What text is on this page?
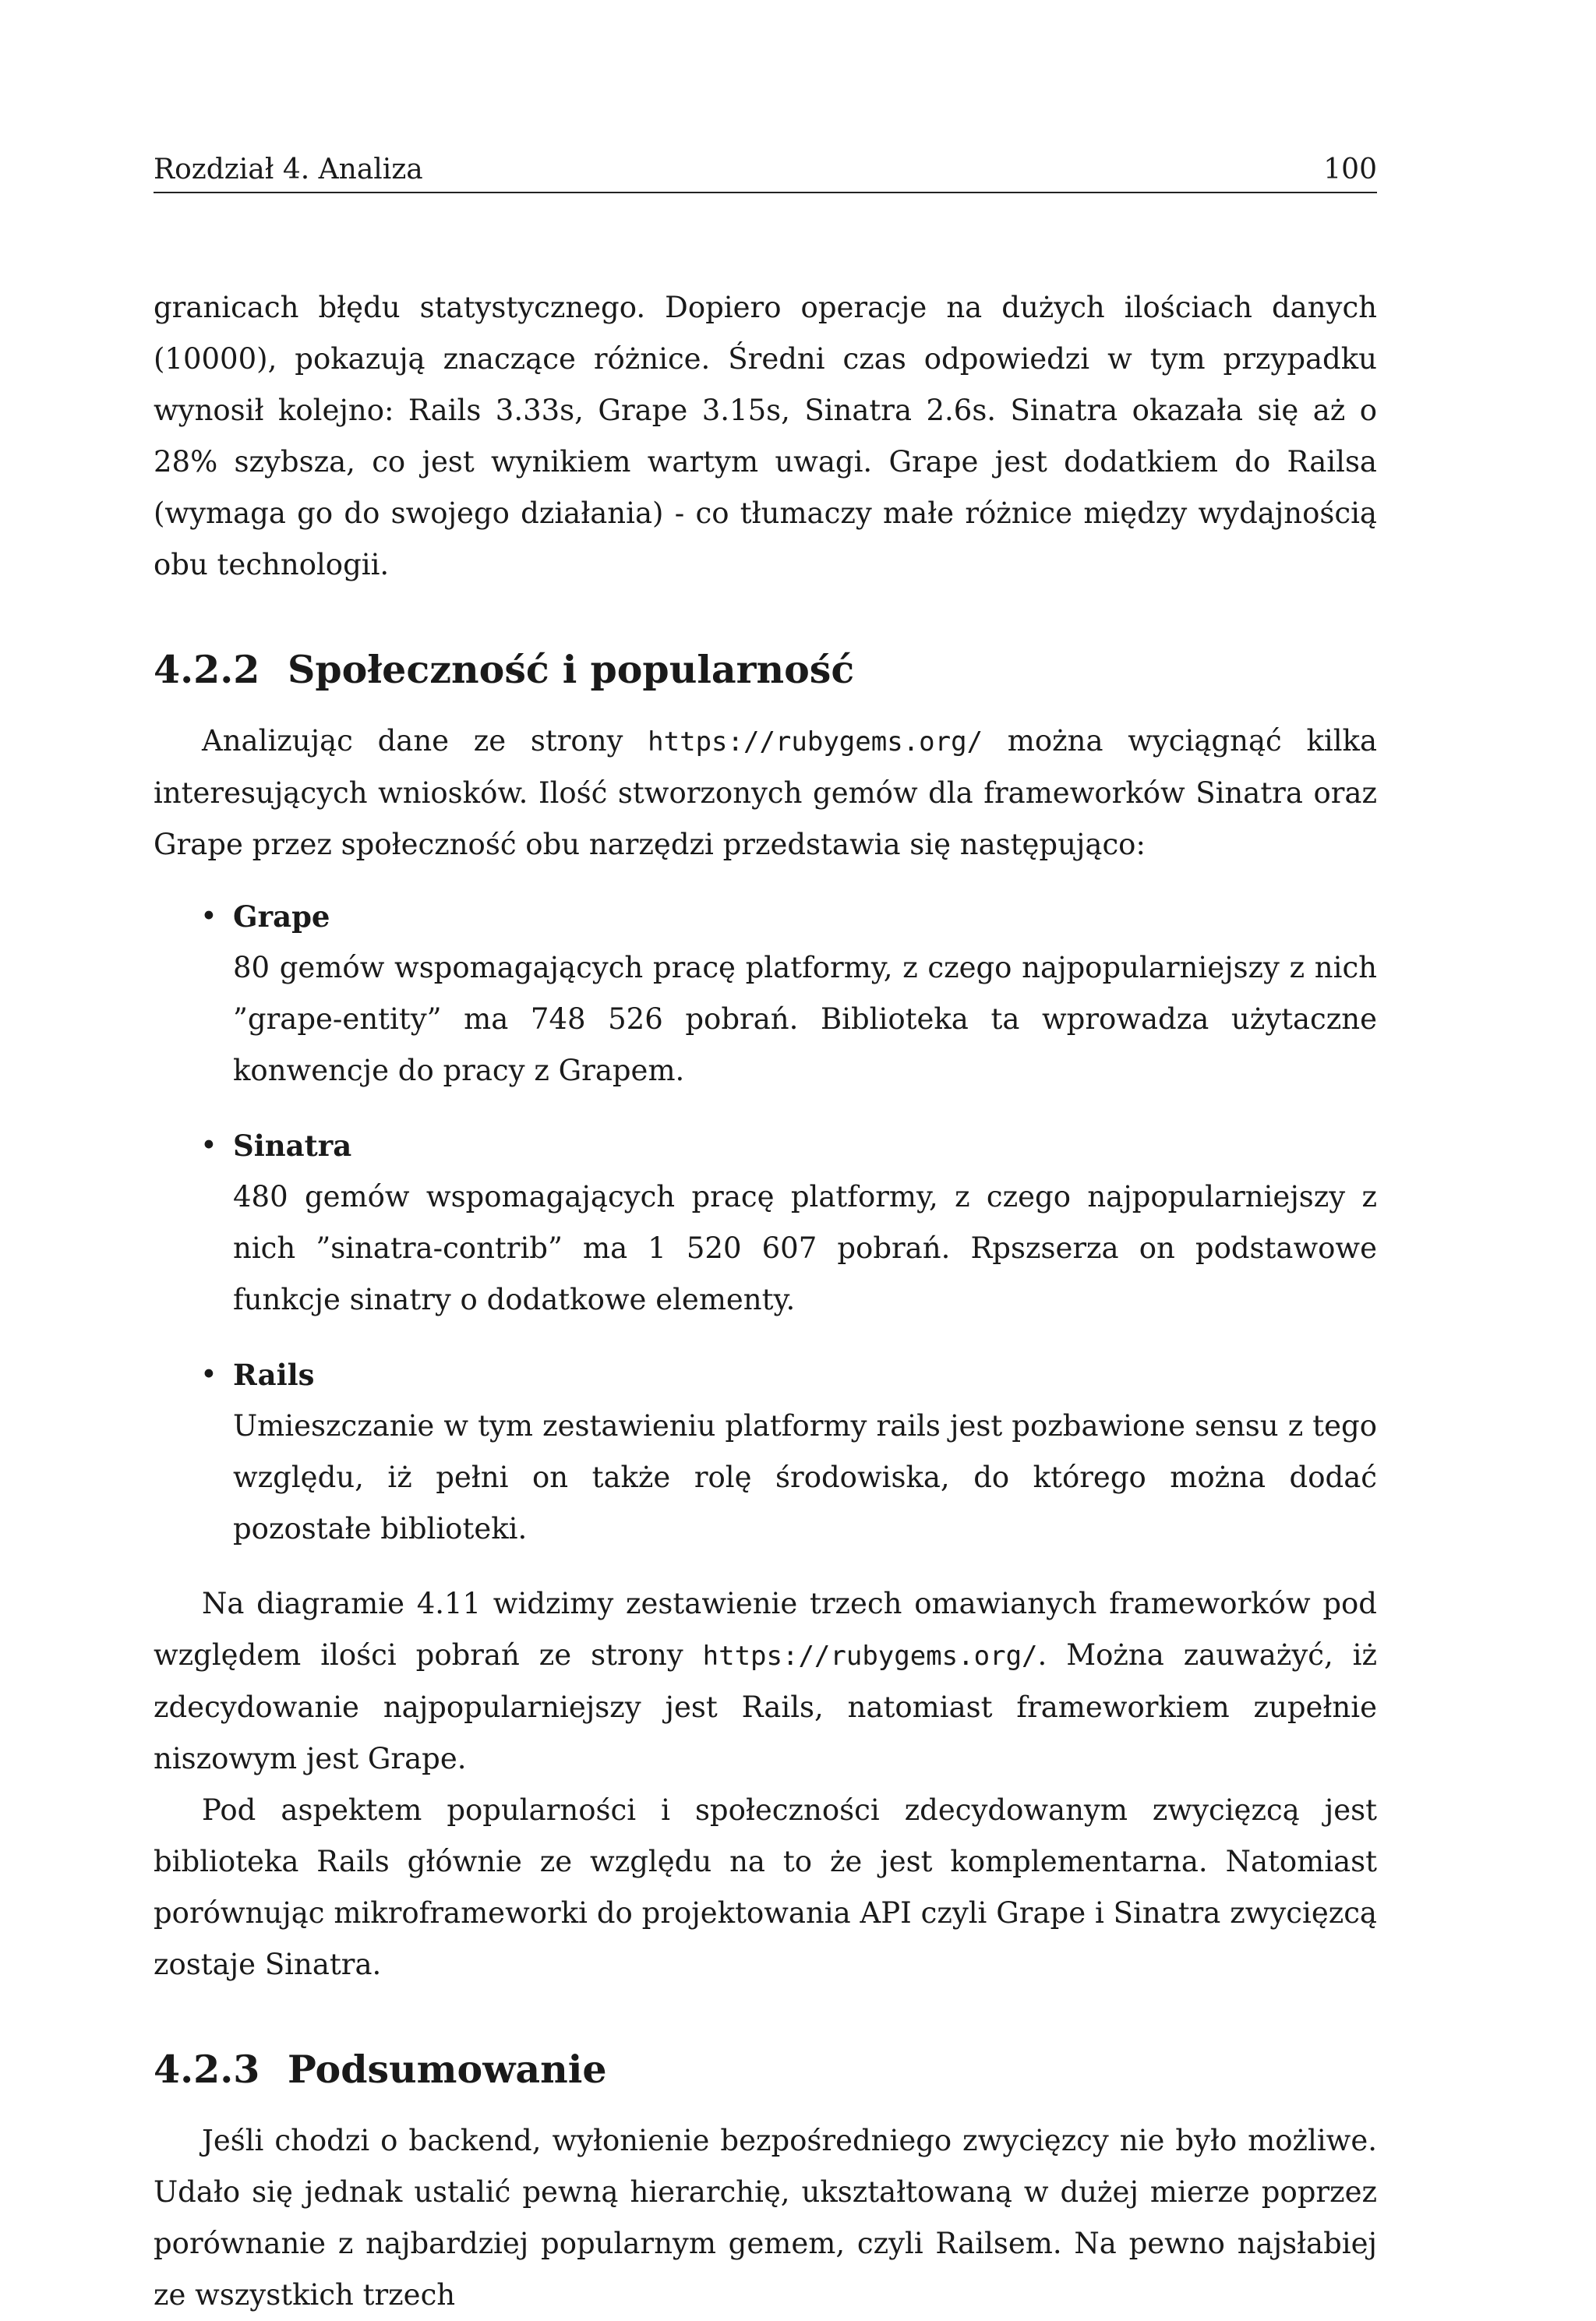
Rozdział 4. Analiza	100

granicach błędu statystycznego. Dopiero operacje na dużych ilościach danych (10000), pokazują znaczące różnice. Średni czas odpowiedzi w tym przypadku wynosił kolejno: Rails 3.33s, Grape 3.15s, Sinatra 2.6s. Sinatra okazała się aż o 28% szybsza, co jest wynikiem wartym uwagi. Grape jest dodatkiem do Railsa (wymaga go do swojego działania) - co tłumaczy małe różnice między wydajnością obu technologii.

4.2.2 Społeczność i popularność

Analizując dane ze strony https://rubygems.org/ można wyciągnąć kilka interesujących wniosków. Ilość stworzonych gemów dla frameworków Sinatra oraz Grape przez społeczność obu narzędzi przedstawia się następująco:

• Grape

80 gemów wspomagających pracę platformy, z czego najpopularniejszy z nich ”grape-entity” ma 748 526 pobrań. Biblioteka ta wprowadza użytaczne konwencje do pracy z Grapem.

• Sinatra

480 gemów wspomagających pracę platformy, z czego najpopularniejszy z nich ”sinatra-contrib” ma 1 520 607 pobrań. Rpszserza on podstawowe funkcje sinatry o dodatkowe elementy.

• Rails

Umieszczanie w tym zestawieniu platformy rails jest pozbawione sensu z tego względu, iż pełni on także rolę środowiska, do którego można dodać pozostałe biblioteki.

Na diagramie 4.11 widzimy zestawienie trzech omawianych frameworków pod względem ilości pobrań ze strony https://rubygems.org/. Można zauważyć, iż zdecydowanie najpopularniejszy jest Rails, natomiast frameworkiem zupełnie niszowym jest Grape.

Pod aspektem popularności i społeczności zdecydowanym zwycięzcą jest biblioteka Rails głównie ze względu na to że jest komplementarna. Natomiast porównując mikroframeworki do projektowania API czyli Grape i Sinatra zwycięzcą zostaje Sinatra.

4.2.3 Podsumowanie

Jeśli chodzi o backend, wyłonienie bezpośredniego zwycięzcy nie było możliwe. Udało się jednak ustalić pewną hierarchię, ukształtowaną w dużej mierze poprzez porównanie z najbardziej popularnym gemem, czyli Railsem. Na pewno najsłabiej ze wszystkich trzech
